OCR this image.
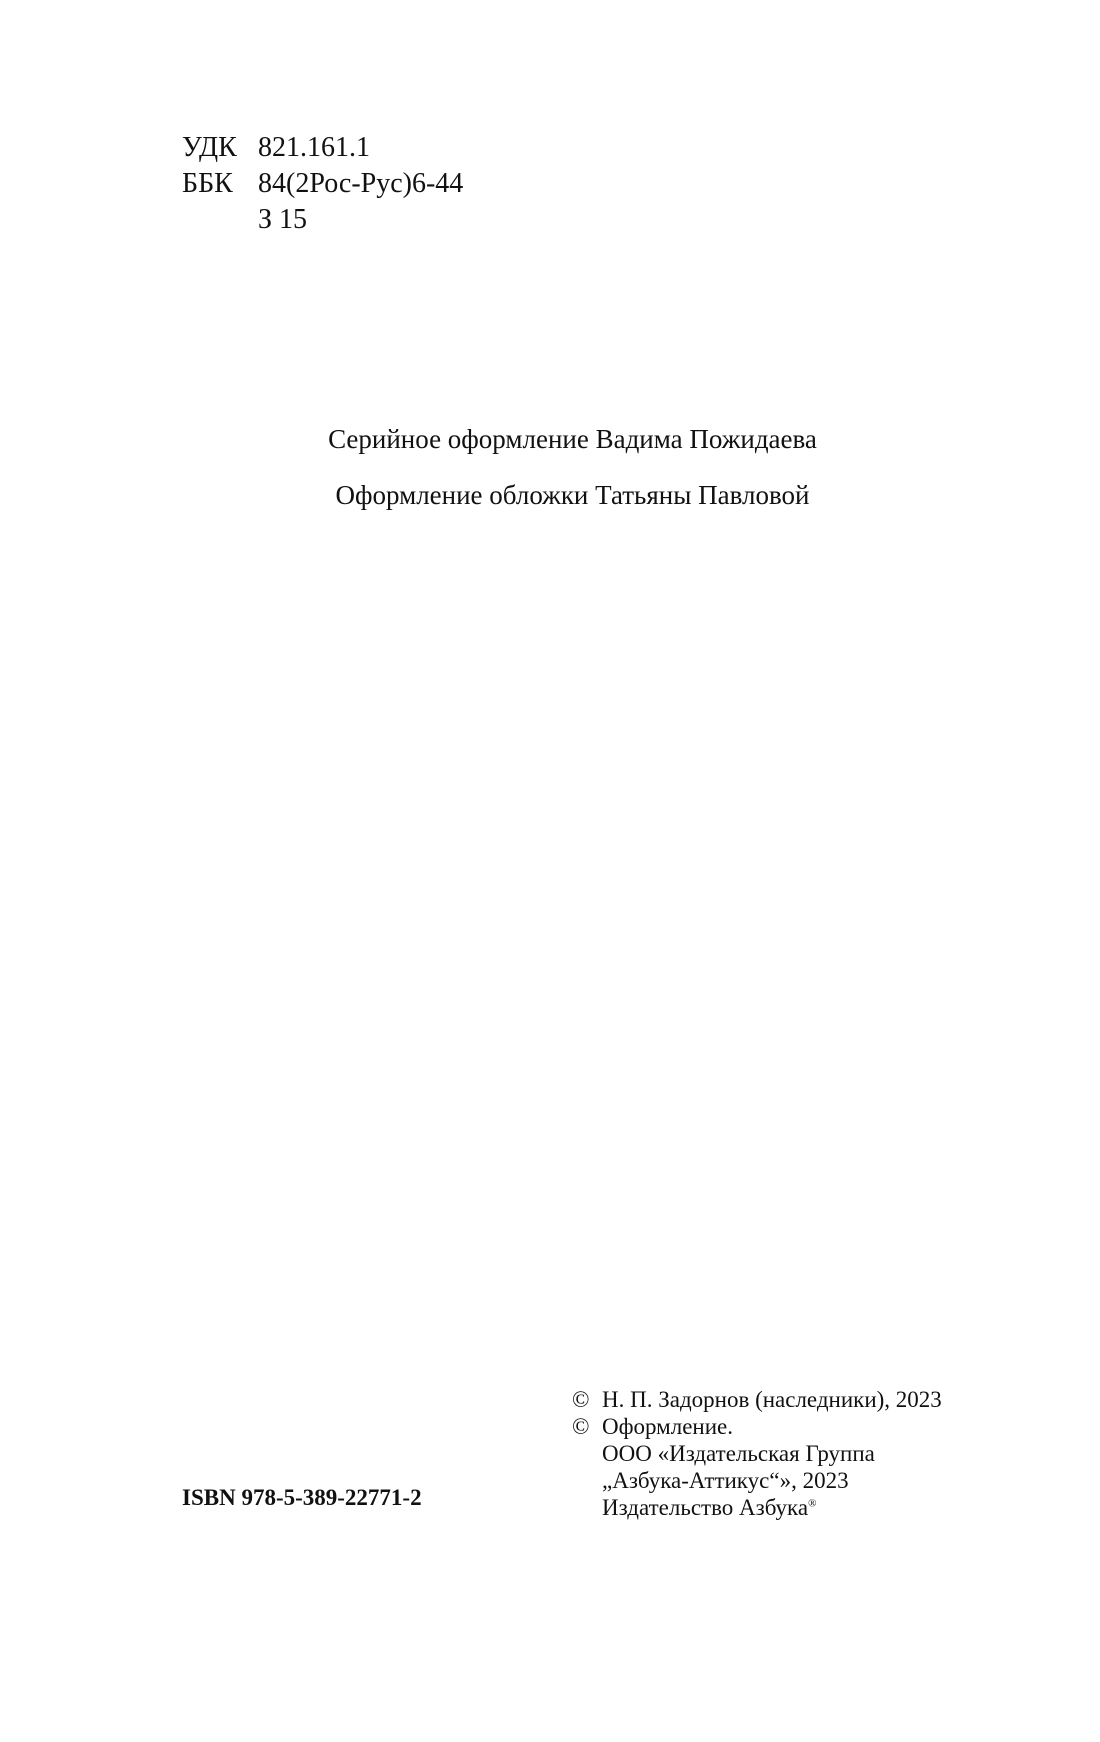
УДК 821.161.1
ББК 84(2Рос-Рус)6-44
З 15
Серийное оформление Вадима Пожидаева
Оформление обложки Татьяны Павловой
ISBN 978-5-389-22771-2
© Н. П. Задорнов (наследники), 2023
© Оформление.
ООО «Издательская Группа
„Азбука-Аттикус“», 2023
Издательство Азбука®
